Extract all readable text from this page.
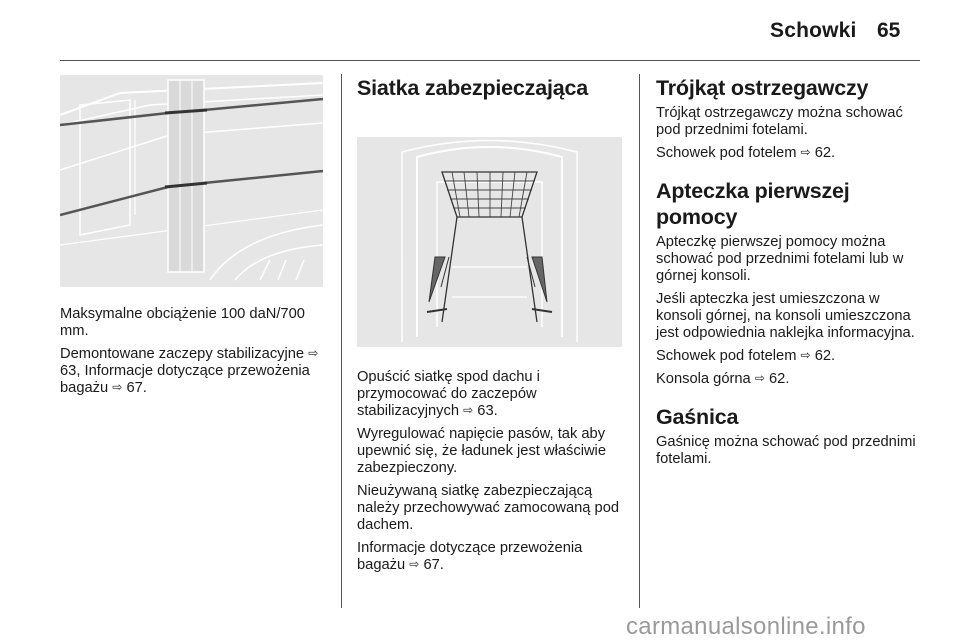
Schowki 65

Maksymalne obciążenie 100 daN/700 mm.

Demontowane zaczepy stabilizacyjne ⇨ 63, Informacje dotyczące przewożenia bagażu ⇨ 67.

Siatka zabezpieczająca

Opuścić siatkę spod dachu i przymocować do zaczepów stabilizacyjnych ⇨ 63.

Wyregulować napięcie pasów, tak aby upewnić się, że ładunek jest właściwie zabezpieczony.

Nieużywaną siatkę zabezpieczającą należy przechowywać zamocowaną pod dachem.

Informacje dotyczące przewożenia bagażu ⇨ 67.

Trójkąt ostrzegawczy

Trójkąt ostrzegawczy można schować pod przednimi fotelami.

Schowek pod fotelem ⇨ 62.

Apteczka pierwszej pomocy

Apteczkę pierwszej pomocy można schować pod przednimi fotelami lub w górnej konsoli.

Jeśli apteczka jest umieszczona w konsoli górnej, na konsoli umieszczona jest odpowiednia naklejka informacyjna.

Schowek pod fotelem ⇨ 62.

Konsola górna ⇨ 62.

Gaśnica

Gaśnicę można schować pod przednimi fotelami.

carmanualsonline.info
